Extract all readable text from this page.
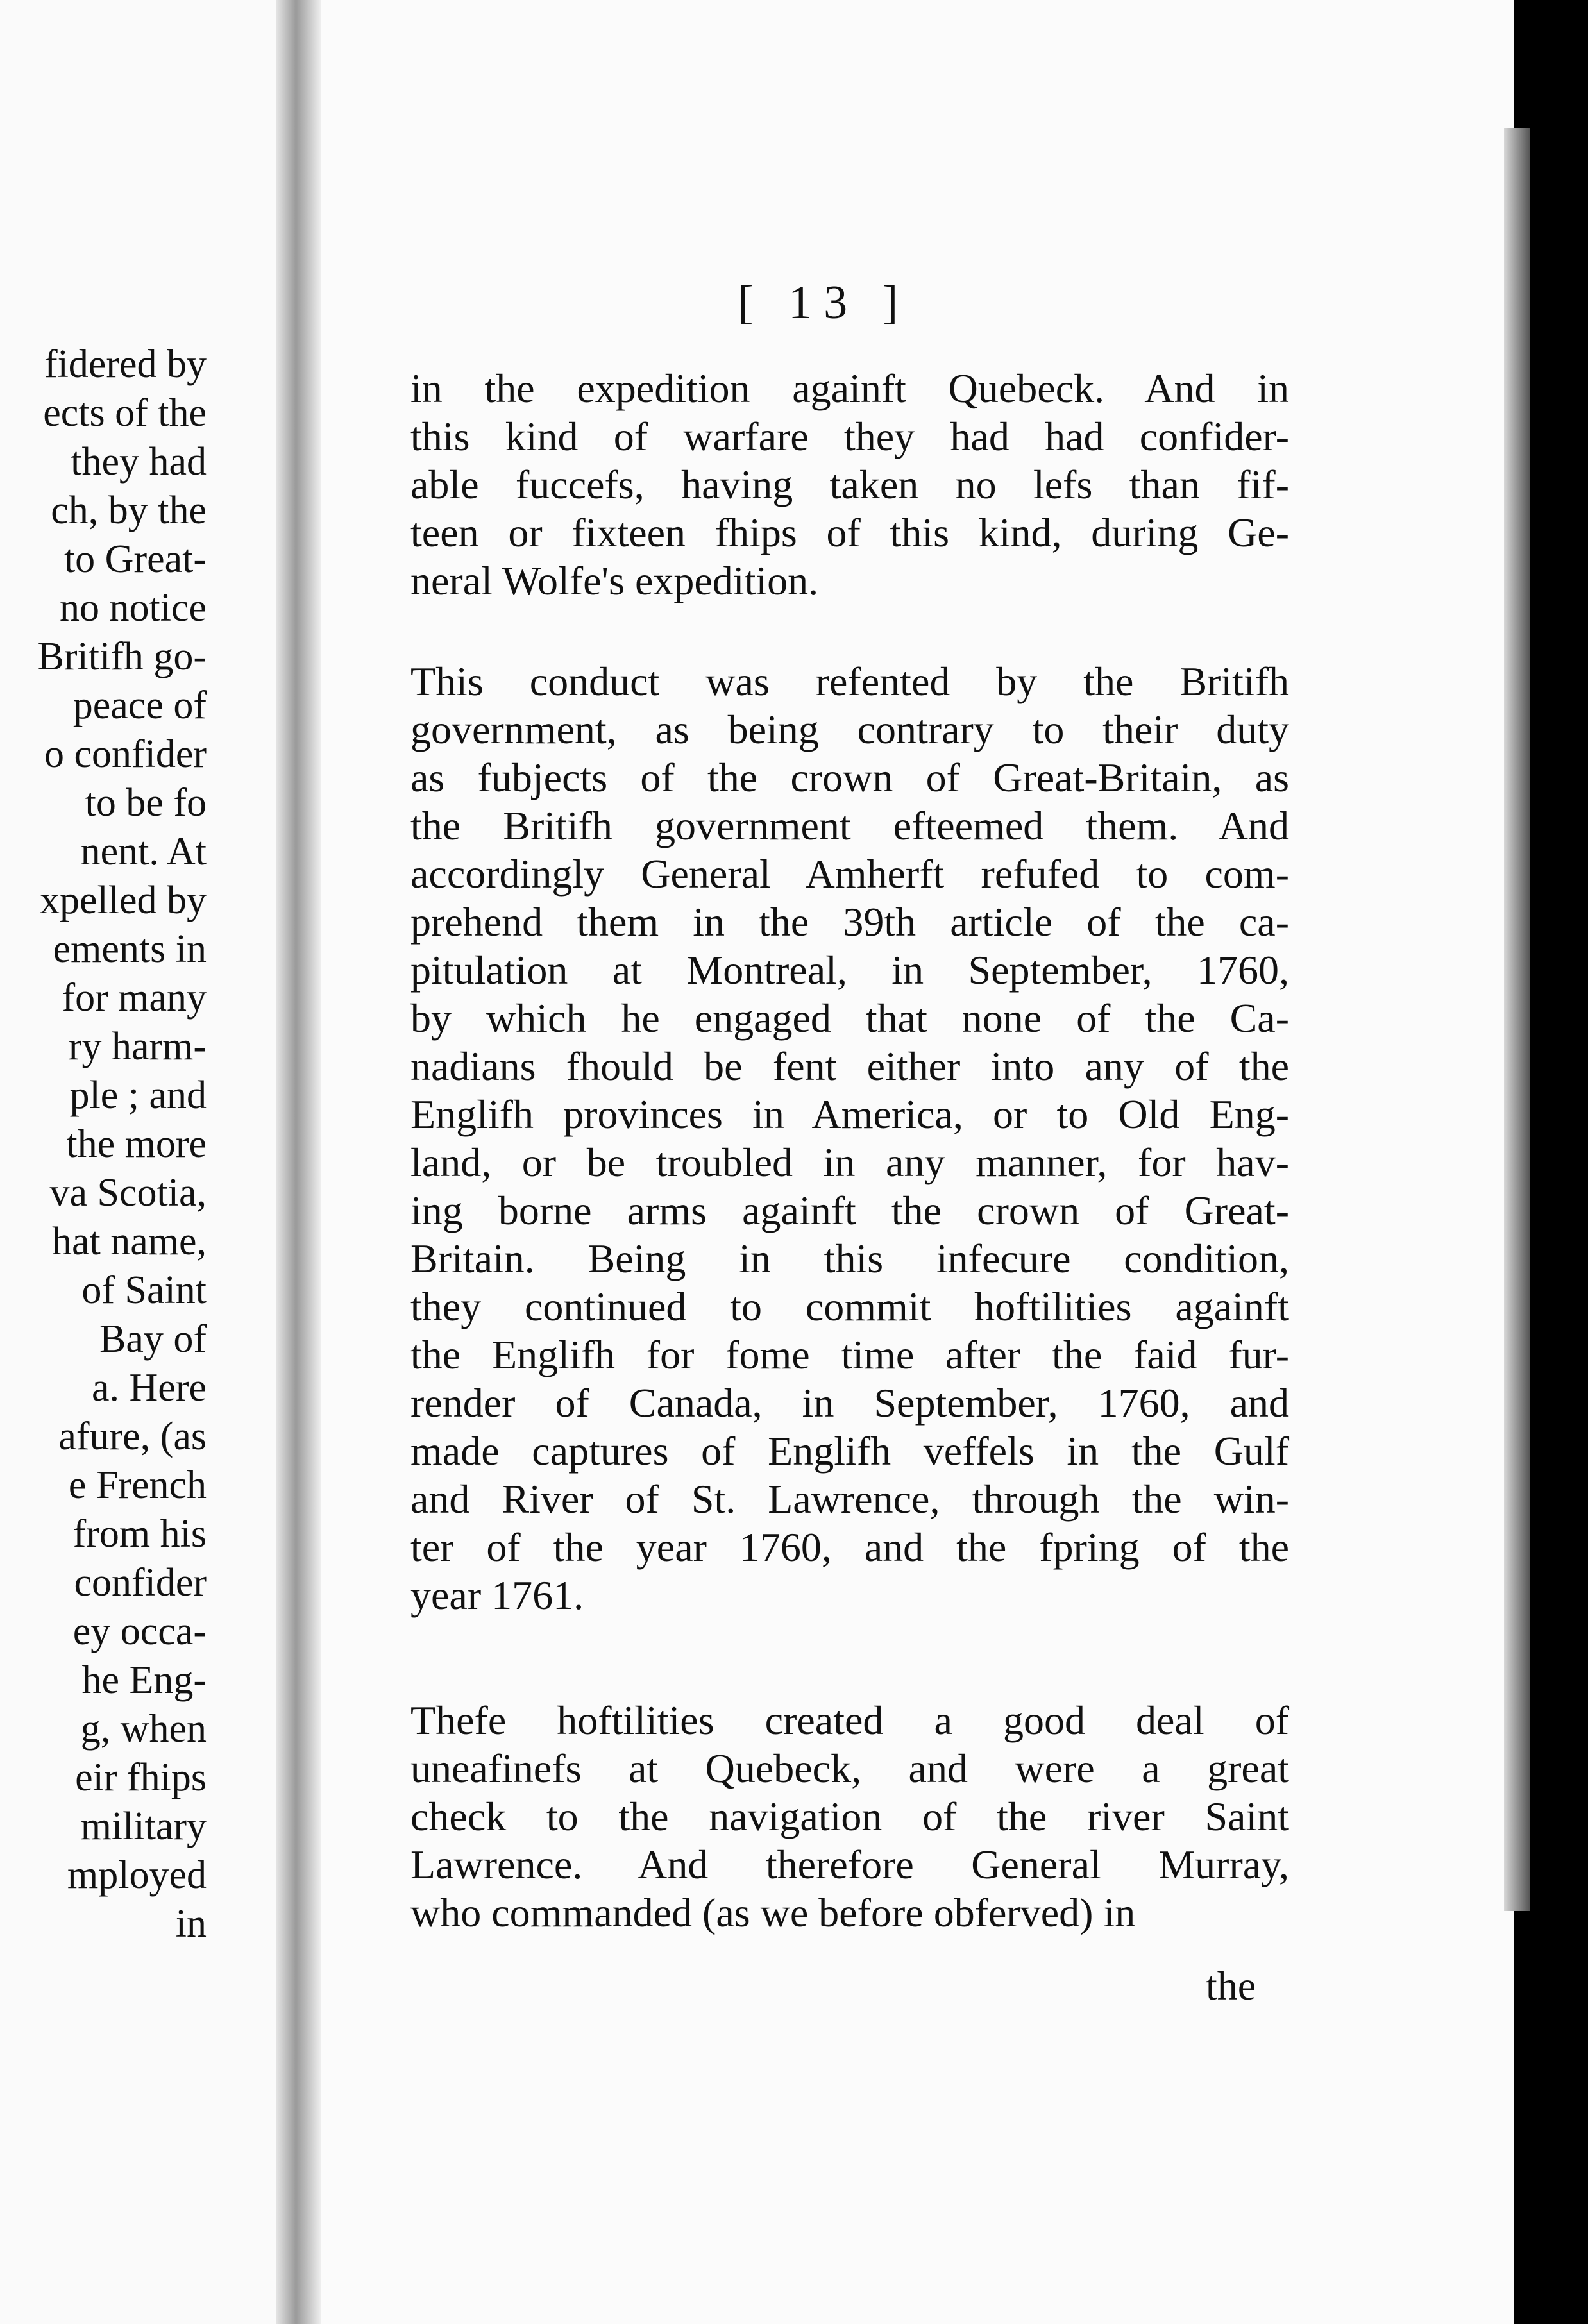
fidered by
ects of the
they had
ch, by the
to Great-
no notice
Britifh go-
peace of
o confider
to be fo
nent. At
xpelled by
ements in
for many
ry harm-
ple ; and
the more
va Scotia,
hat name,
of Saint
Bay of
a. Here
afure, (as
e French
from his
confider
ey occa-
he Eng-
g, when
eir fhips
military
mployed
in
[ 13 ]
in the expedition againft Quebeck. And in
this kind of warfare they had had confider-
able fuccefs, having taken no lefs than fif-
teen or fixteen fhips of this kind, during Ge-
neral Wolfe's expedition.
This conduct was refented by the Britifh
government, as being contrary to their duty
as fubjects of the crown of Great-Britain, as
the Britifh government efteemed them. And
accordingly General Amherft refufed to com-
prehend them in the 39th article of the ca-
pitulation at Montreal, in September, 1760,
by which he engaged that none of the Ca-
nadians fhould be fent either into any of the
Englifh provinces in America, or to Old Eng-
land, or be troubled in any manner, for hav-
ing borne arms againft the crown of Great-
Britain. Being in this infecure condition,
they continued to commit hoftilities againft
the Englifh for fome time after the faid fur-
render of Canada, in September, 1760, and
made captures of Englifh veffels in the Gulf
and River of St. Lawrence, through the win-
ter of the year 1760, and the fpring of the
year 1761.
Thefe hoftilities created a good deal of
uneafinefs at Quebeck, and were a great
check to the navigation of the river Saint
Lawrence. And therefore General Murray,
who commanded (as we before obferved) in
the
